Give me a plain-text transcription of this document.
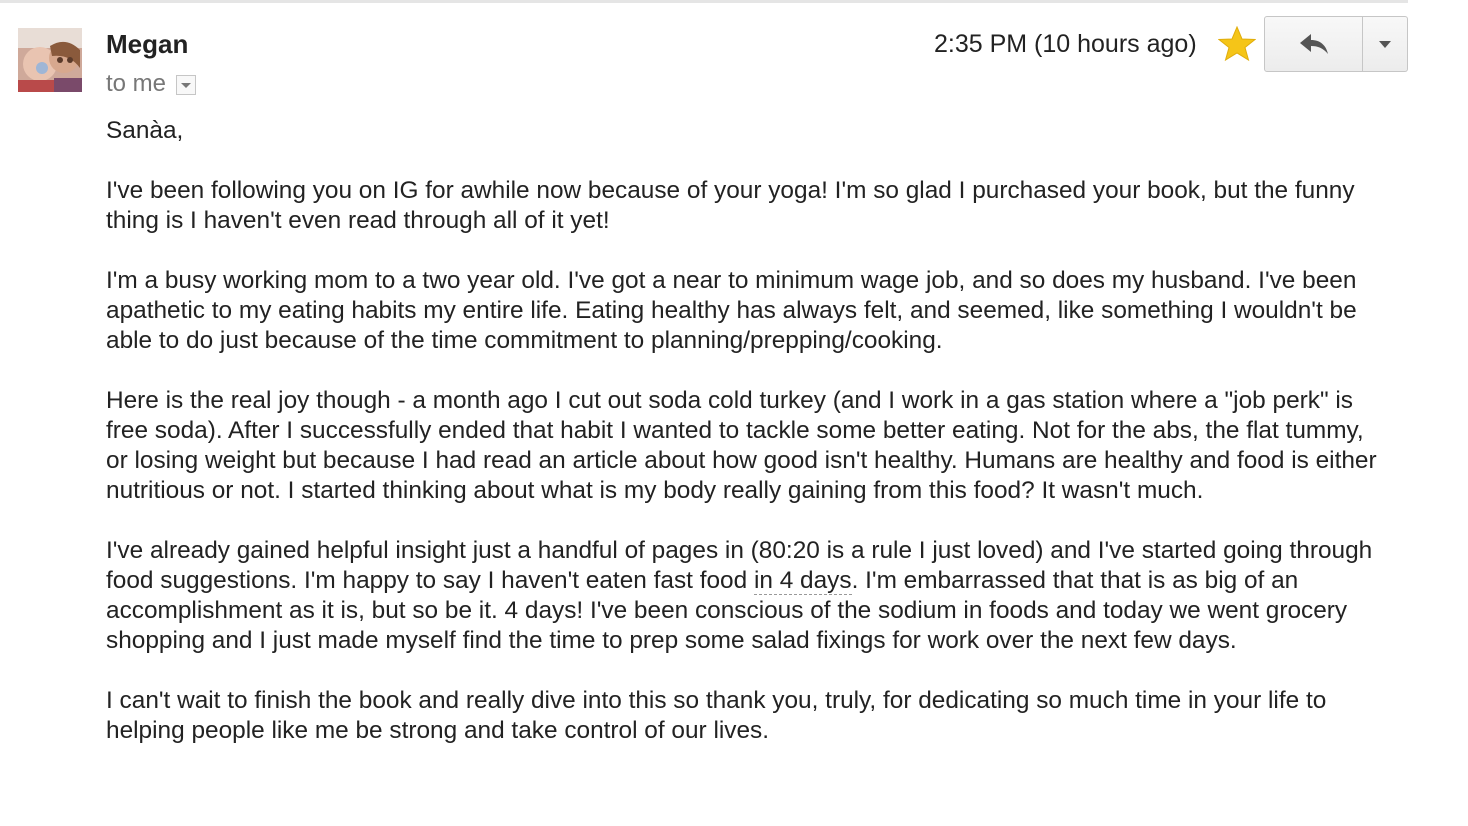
Megan
to me
2:35 PM (10 hours ago)

Sanàa,

I've been following you on IG for awhile now because of your yoga! I'm so glad I purchased your book, but the funny thing is I haven't even read through all of it yet!

I'm a busy working mom to a two year old. I've got a near to minimum wage job, and so does my husband. I've been apathetic to my eating habits my entire life. Eating healthy has always felt, and seemed, like something I wouldn't be able to do just because of the time commitment to planning/prepping/cooking.

Here is the real joy though - a month ago I cut out soda cold turkey (and I work in a gas station where a "job perk" is free soda). After I successfully ended that habit I wanted to tackle some better eating. Not for the abs, the flat tummy, or losing weight but because I had read an article about how good isn't healthy. Humans are healthy and food is either nutritious or not. I started thinking about what is my body really gaining from this food? It wasn't much.

I've already gained helpful insight just a handful of pages in (80:20 is a rule I just loved) and I've started going through food suggestions. I'm happy to say I haven't eaten fast food in 4 days. I'm embarrassed that that is as big of an accomplishment as it is, but so be it. 4 days! I've been conscious of the sodium in foods and today we went grocery shopping and I just made myself find the time to prep some salad fixings for work over the next few days.

I can't wait to finish the book and really dive into this so thank you, truly, for dedicating so much time in your life to helping people like me be strong and take control of our lives.
